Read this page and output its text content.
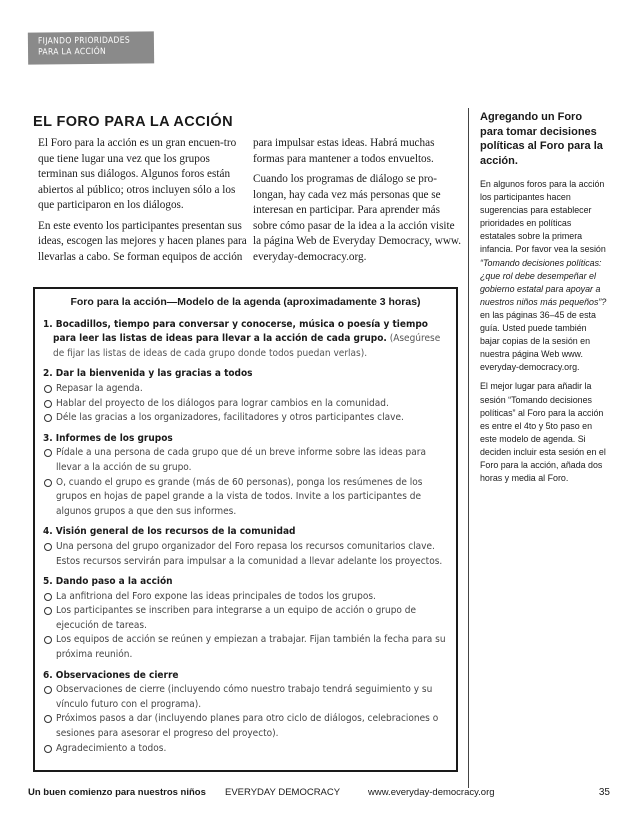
FIJANDO PRIORIDADES
PARA LA ACCIÓN
EL FORO PARA LA ACCIÓN

El Foro para la acción es un gran encuen-tro que tiene lugar una vez que los grupos terminan sus diálogos. Algunos foros están abiertos al público; otros incluyen sólo a los que participaron en los diálogos.

En este evento los participantes presentan sus ideas, escogen las mejores y hacen planes para llevarlas a cabo. Se forman equipos de acción

para impulsar estas ideas. Habrá muchas formas para mantener a todos envueltos.

Cuando los programas de diálogo se pro-longan, hay cada vez más personas que se interesan en participar. Para aprender más sobre cómo pasar de la idea a la acción visite la página Web de Everyday Democracy, www. everyday-democracy.org.

Agregando un Foro para tomar decisiones políticas al Foro para la acción.

En algunos foros para la acción los participantes hacen sugerencias para establecer prioridades en políticas estatales sobre la primera infancia. Por favor vea la sesión “Tomando decisiones políticas: ¿que rol debe desempeñar el gobierno estatal para apoyar a nuestros niños más pequeños”? en las páginas 36–45 de esta guía. Usted puede también bajar copias de la sesión en nuestra página Web www. everyday-democracy.org.

El mejor lugar para añadir la sesión “Tomando decisiones políticas” al Foro para la acción es entre el 4to y 5to paso en este modelo de agenda. Si deciden incluir esta sesión en el Foro para la acción, añada dos horas y media al Foro.

Foro para la acción—Modelo de la agenda (aproximadamente 3 horas)
1. Bocadillos, tiempo para conversar y conocerse, música o poesía y tiempo para leer las listas de ideas para llevar a la acción de cada grupo. (Asegúrese de fijar las listas de ideas de cada grupo donde todos puedan verlas).
2. Dar la bienvenida y las gracias a todos
Repasar la agenda.
Hablar del proyecto de los diálogos para lograr cambios en la comunidad.
Déle las gracias a los organizadores, facilitadores y otros participantes clave.
3. Informes de los grupos
Pídale a una persona de cada grupo que dé un breve informe sobre las ideas para llevar a la acción de su grupo.
O, cuando el grupo es grande (más de 60 personas), ponga los resúmenes de los grupos en hojas de papel grande a la vista de todos. Invite a los participantes de algunos grupos a que den sus informes.
4. Visión general de los recursos de la comunidad
Una persona del grupo organizador del Foro repasa los recursos comunitarios clave. Estos recursos servirán para impulsar a la comunidad a llevar adelante los proyectos.
5. Dando paso a la acción
La anfitriona del Foro expone las ideas principales de todos los grupos.
Los participantes se inscriben para integrarse a un equipo de acción o grupo de ejecución de tareas.
Los equipos de acción se reúnen y empiezan a trabajar. Fijan también la fecha para su próxima reunión.
6. Observaciones de cierre
Observaciones de cierre (incluyendo cómo nuestro trabajo tendrá seguimiento y su vínculo futuro con el programa).
Próximos pasos a dar (incluyendo planes para otro ciclo de diálogos, celebraciones o sesiones para asesorar el progreso del proyecto).
Agradecimiento a todos.
Un buen comienzo para nuestros niños EVERYDAY DEMOCRACY	www.everyday-democracy.org	35
